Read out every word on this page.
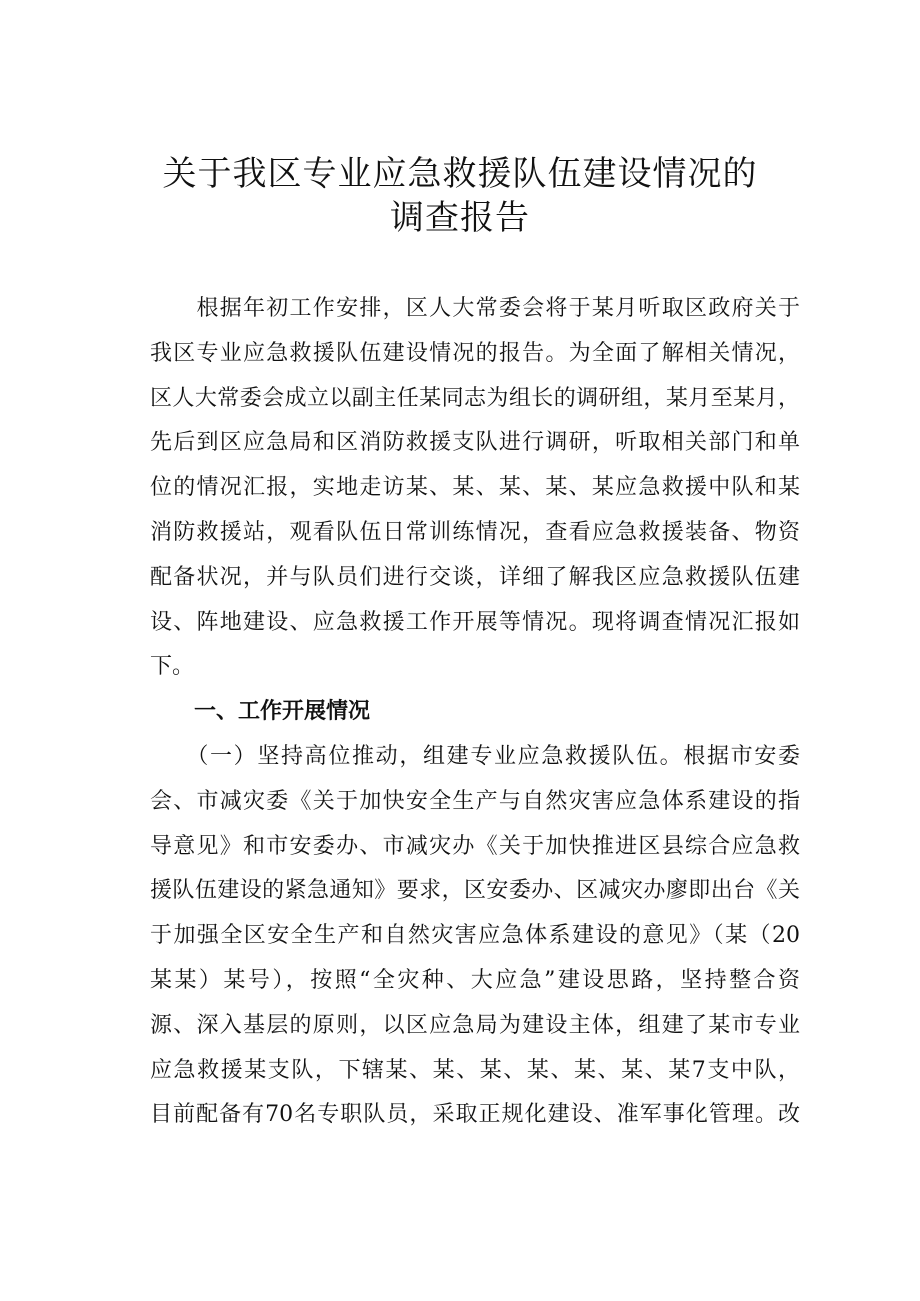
关于我区专业应急救援队伍建设情况的
调查报告
　　根据年初工作安排，区人大常委会将于某月听取区政府关于
我区专业应急救援队伍建设情况的报告。为全面了解相关情况，
区人大常委会成立以副主任某同志为组长的调研组，某月至某月，
先后到区应急局和区消防救援支队进行调研，听取相关部门和单
位的情况汇报，实地走访某、某、某、某、某应急救援中队和某
消防救援站，观看队伍日常训练情况，查看应急救援装备、物资
配备状况，并与队员们进行交谈，详细了解我区应急救援队伍建
设、阵地建设、应急救援工作开展等情况。现将调查情况汇报如
下。
一、工作开展情况
　　（一）坚持高位推动，组建专业应急救援队伍。根据市安委
会、市减灾委《关于加快安全生产与自然灾害应急体系建设的指
导意见》和市安委办、市减灾办《关于加快推进区县综合应急救
援队伍建设的紧急通知》要求，区安委办、区减灾办廖即出台《关
于加强全区安全生产和自然灾害应急体系建设的意见》（某（20
某某）某号），按照“全灾种、大应急”建设思路，坚持整合资
源、深入基层的原则，以区应急局为建设主体，组建了某市专业
应急救援某支队，下辖某、某、某、某、某、某、某7支中队，
目前配备有70名专职队员，采取正规化建设、准军事化管理。改
